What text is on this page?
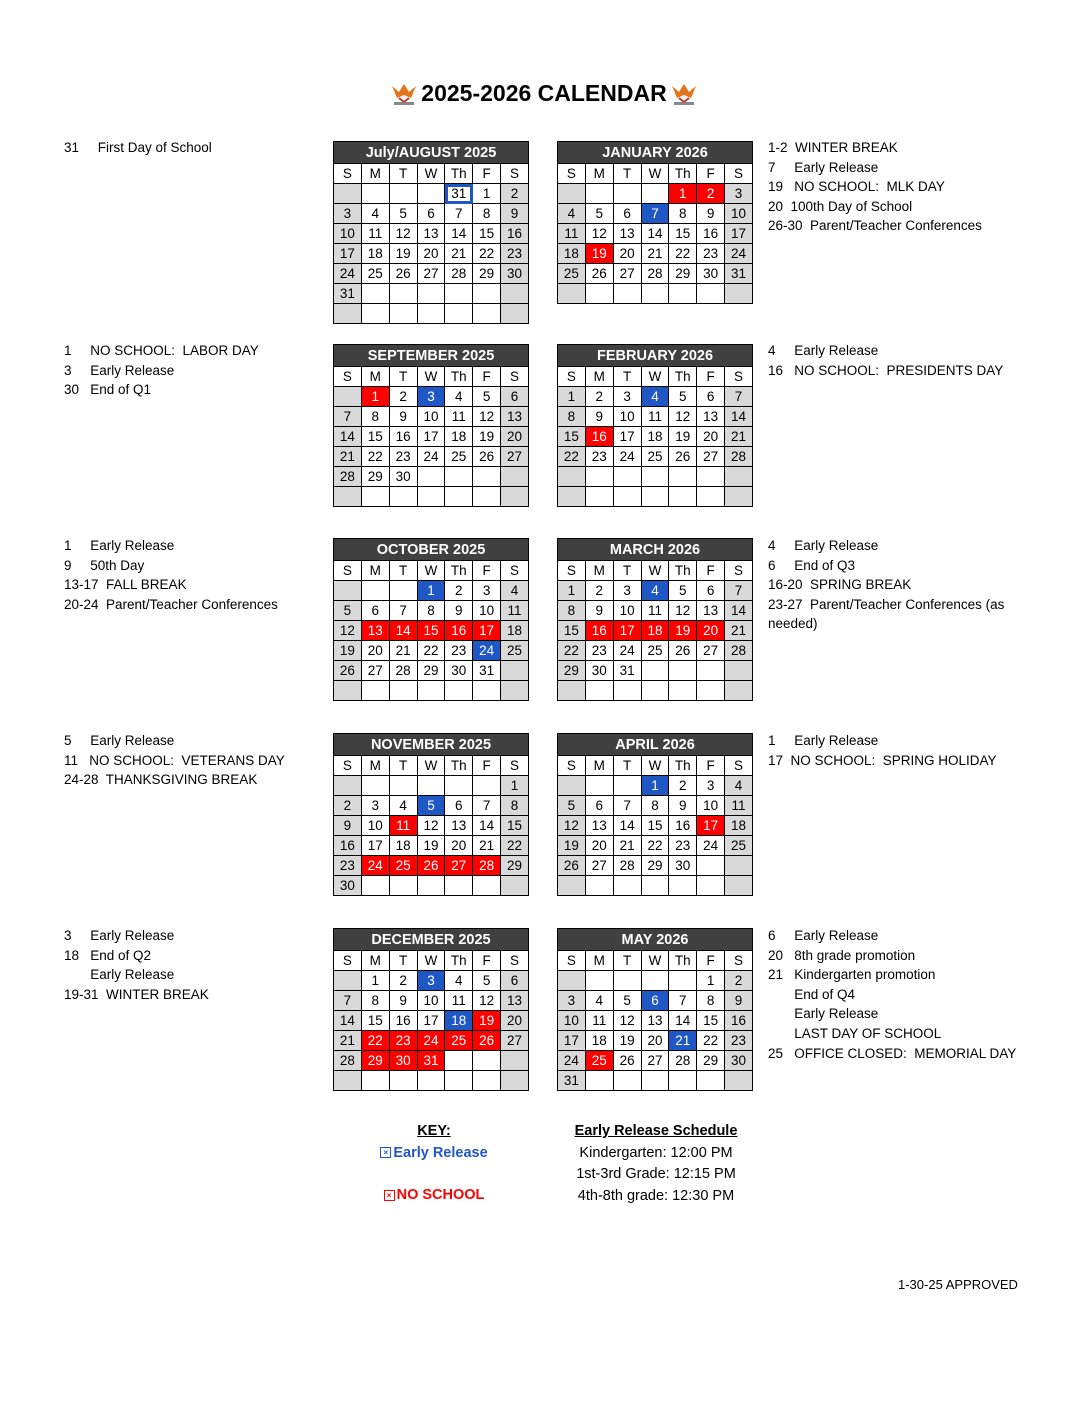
2025-2026 CALENDAR
July/AUGUST 2025						
S	M	T	W	Th	F	S
				31	1	2
3	4	5	6	7	8	9
10	11	12	13	14	15	16
17	18	19	20	21	22	23
24	25	26	27	28	29	30
31						

SEPTEMBER 2025						
S	M	T	W	Th	F	S
	1	2	3	4	5	6
7	8	9	10	11	12	13
14	15	16	17	18	19	20
21	22	23	24	25	26	27
28	29	30				

OCTOBER 2025						
S	M	T	W	Th	F	S
			1	2	3	4
5	6	7	8	9	10	11
12	13	14	15	16	17	18
19	20	21	22	23	24	25
26	27	28	29	30	31	

NOVEMBER 2025						
S	M	T	W	Th	F	S
						1
2	3	4	5	6	7	8
9	10	11	12	13	14	15
16	17	18	19	20	21	22
23	24	25	26	27	28	29
30						
DECEMBER 2025						
S	M	T	W	Th	F	S
	1	2	3	4	5	6
7	8	9	10	11	12	13
14	15	16	17	18	19	20
21	22	23	24	25	26	27
28	29	30	31			

JANUARY 2026						
S	M	T	W	Th	F	S
				1	2	3
4	5	6	7	8	9	10
11	12	13	14	15	16	17
18	19	20	21	22	23	24
25	26	27	28	29	30	31

FEBRUARY 2026						
S	M	T	W	Th	F	S
1	2	3	4	5	6	7
8	9	10	11	12	13	14
15	16	17	18	19	20	21
22	23	24	25	26	27	28

MARCH 2026						
S	M	T	W	Th	F	S
1	2	3	4	5	6	7
8	9	10	11	12	13	14
15	16	17	18	19	20	21
22	23	24	25	26	27	28
29	30	31				

APRIL 2026						
S	M	T	W	Th	F	S
			1	2	3	4
5	6	7	8	9	10	11
12	13	14	15	16	17	18
19	20	21	22	23	24	25
26	27	28	29	30		

MAY 2026						
S	M	T	W	Th	F	S
					1	2
3	4	5	6	7	8	9
10	11	12	13	14	15	16
17	18	19	20	21	22	23
24	25	26	27	28	29	30
31						
31     First Day of School
1     NO SCHOOL:  LABOR DAY
3     Early Release
30   End of Q1
1     Early Release
9     50th Day
13-17  FALL BREAK
20-24  Parent/Teacher Conferences
5     Early Release
11   NO SCHOOL:  VETERANS DAY
24-28  THANKSGIVING BREAK
3     Early Release
18   End of Q2
Early Release
19-31  WINTER BREAK
1-2  WINTER BREAK
7     Early Release
19   NO SCHOOL:  MLK DAY
20  100th Day of School
26-30  Parent/Teacher Conferences
4     Early Release
16   NO SCHOOL:  PRESIDENTS DAY
4     Early Release
6     End of Q3
16-20  SPRING BREAK
23-27  Parent/Teacher Conferences (as needed)
1     Early Release
17  NO SCHOOL:  SPRING HOLIDAY
6     Early Release
20   8th grade promotion
21   Kindergarten promotion
End of Q4
Early Release
LAST DAY OF SCHOOL
25   OFFICE CLOSED:  MEMORIAL DAY
KEY:
× Early Release
× NO SCHOOL
Early Release Schedule
Kindergarten: 12:00 PM
1st-3rd Grade: 12:15 PM
4th-8th grade: 12:30 PM
1-30-25 APPROVED
